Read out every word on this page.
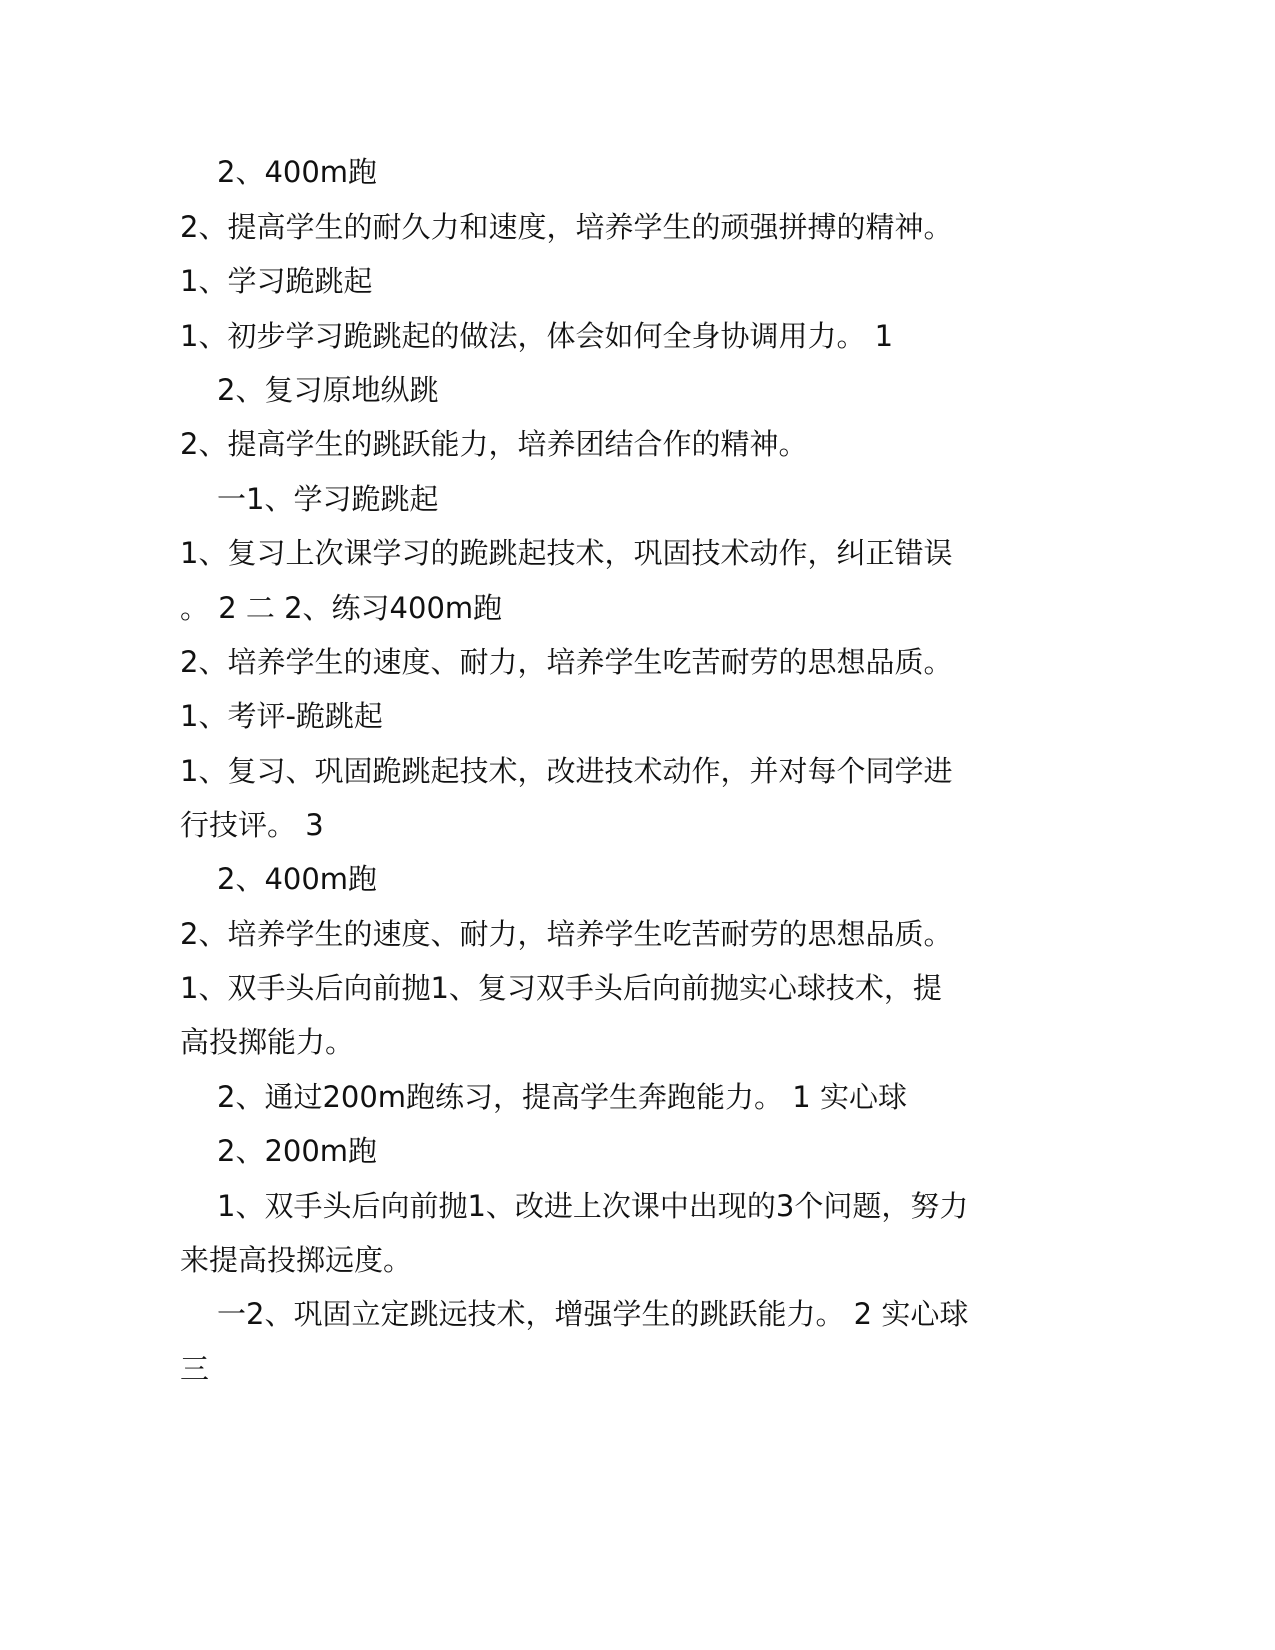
2、400m跑
2、提高学生的耐久力和速度，培养学生的顽强拼搏的精神。
1、学习跪跳起
1、初步学习跪跳起的做法，体会如何全身协调用力。 1
2、复习原地纵跳
2、提高学生的跳跃能力，培养团结合作的精神。
一1、学习跪跳起
1、复习上次课学习的跪跳起技术，巩固技术动作，纠正错误
。 2 二 2、练习400m跑
2、培养学生的速度、耐力，培养学生吃苦耐劳的思想品质。
1、考评-跪跳起
1、复习、巩固跪跳起技术，改进技术动作，并对每个同学进
行技评。 3
2、400m跑
2、培养学生的速度、耐力，培养学生吃苦耐劳的思想品质。
1、双手头后向前抛1、复习双手头后向前抛实心球技术，提
高投掷能力。
2、通过200m跑练习，提高学生奔跑能力。 1 实心球
2、200m跑
1、双手头后向前抛1、改进上次课中出现的3个问题，努力
来提高投掷远度。
一2、巩固立定跳远技术，增强学生的跳跃能力。 2 实心球
三
